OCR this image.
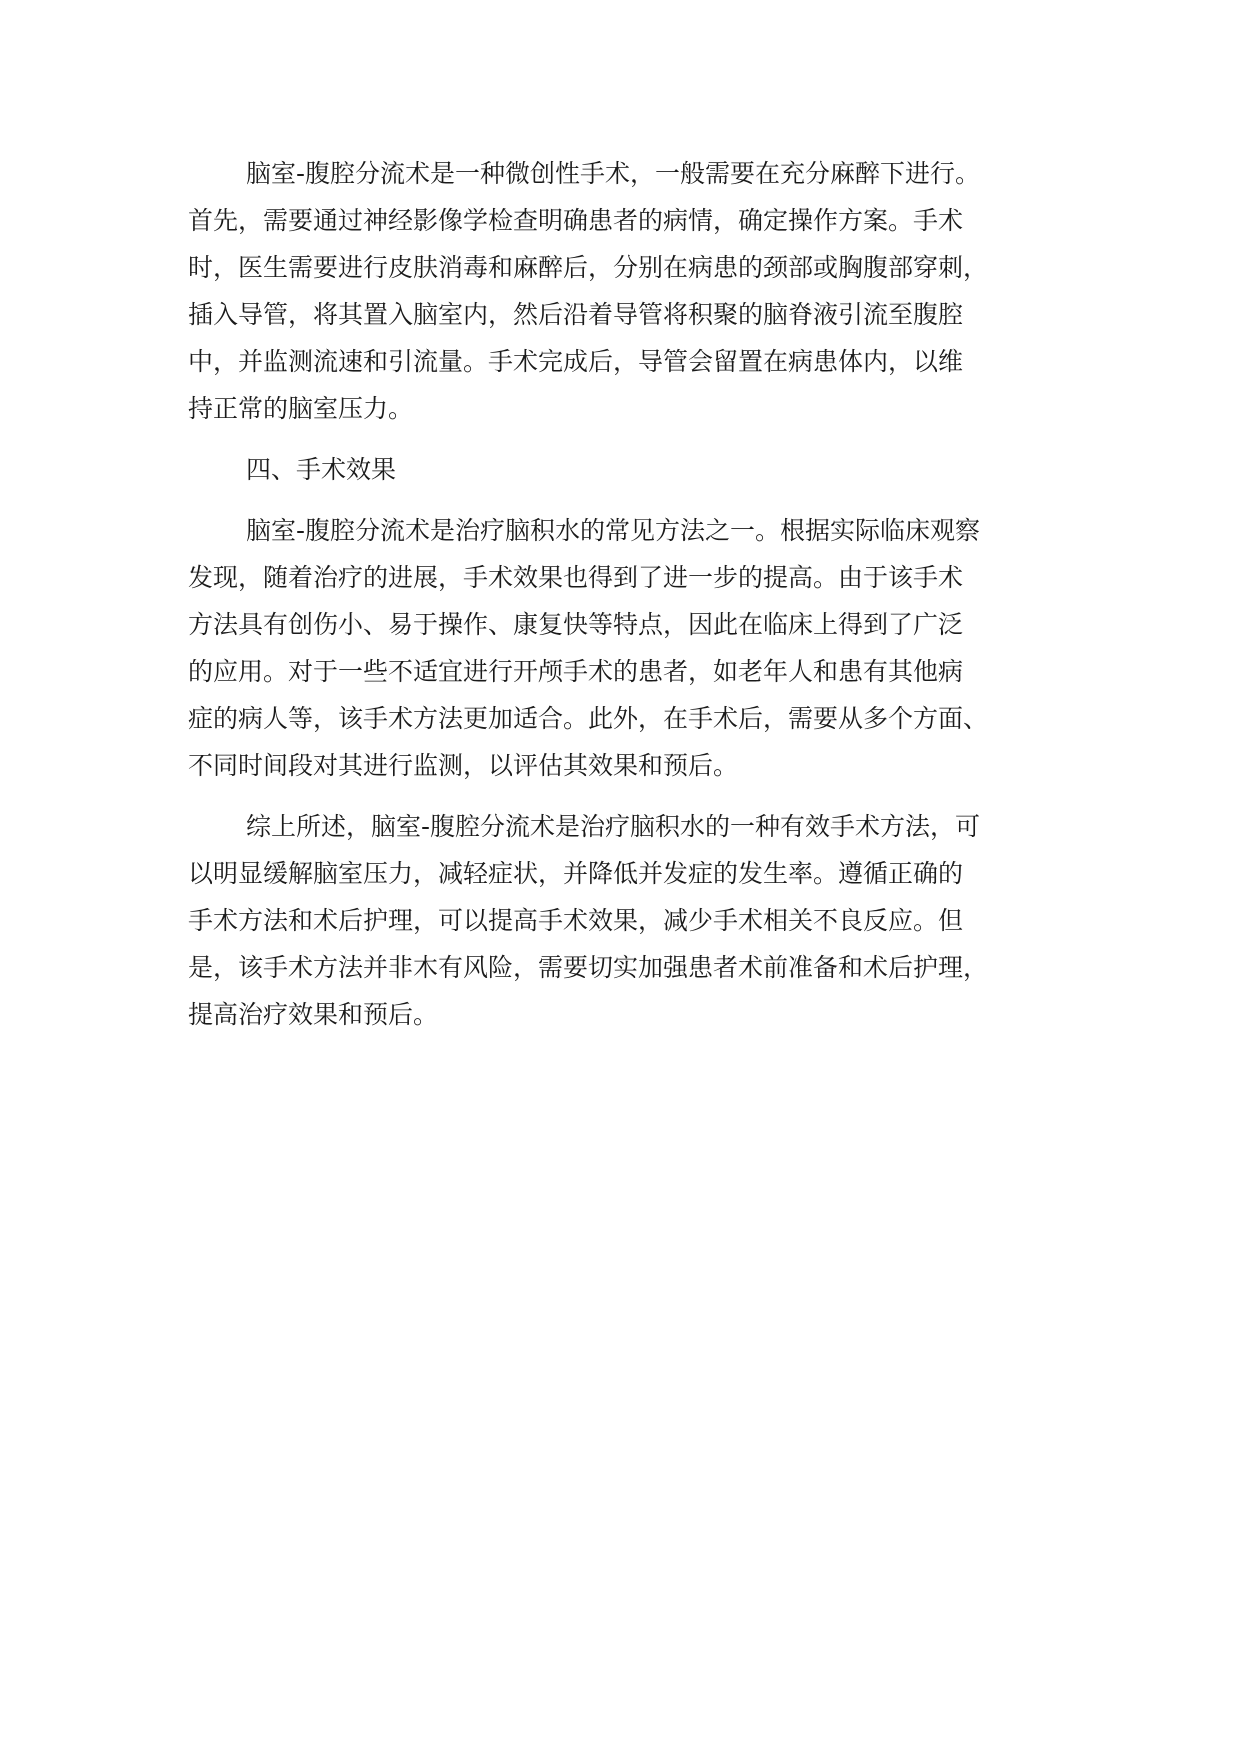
脑室-腹腔分流术是一种微创性手术，一般需要在充分麻醉下进行。
首先，需要通过神经影像学检查明确患者的病情，确定操作方案。手术
时，医生需要进行皮肤消毒和麻醉后，分别在病患的颈部或胸腹部穿刺，
插入导管，将其置入脑室内，然后沿着导管将积聚的脑脊液引流至腹腔
中，并监测流速和引流量。手术完成后，导管会留置在病患体内，以维
持正常的脑室压力。
四、手术效果
脑室-腹腔分流术是治疗脑积水的常见方法之一。根据实际临床观察
发现，随着治疗的进展，手术效果也得到了进一步的提高。由于该手术
方法具有创伤小、易于操作、康复快等特点，因此在临床上得到了广泛
的应用。对于一些不适宜进行开颅手术的患者，如老年人和患有其他病
症的病人等，该手术方法更加适合。此外，在手术后，需要从多个方面、
不同时间段对其进行监测，以评估其效果和预后。
综上所述，脑室-腹腔分流术是治疗脑积水的一种有效手术方法，可
以明显缓解脑室压力，减轻症状，并降低并发症的发生率。遵循正确的
手术方法和术后护理，可以提高手术效果，减少手术相关不良反应。但
是，该手术方法并非木有风险，需要切实加强患者术前准备和术后护理，
提高治疗效果和预后。
